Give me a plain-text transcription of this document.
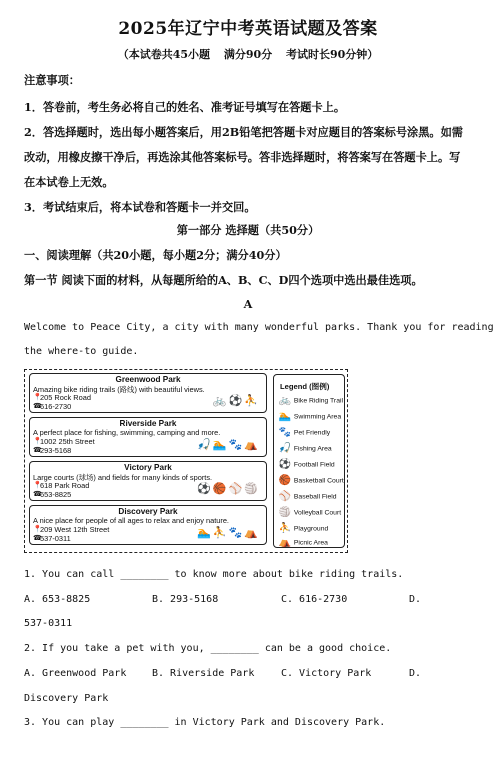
2025年辽宁中考英语试题及答案
（本试卷共45小题 满分90分 考试时长90分钟）
注意事项：
1．答卷前，考生务必将自己的姓名、准考证号填写在答题卡上。
2．答选择题时，选出每小题答案后，用2B铅笔把答题卡对应题目的答案标号涂黑。如需
改动，用橡皮擦干净后，再选涂其他答案标号。答非选择题时，将答案写在答题卡上。写
在本试卷上无效。
3．考试结束后，将本试卷和答题卡一并交回。
第一部分 选择题（共50分）
一、阅读理解（共20小题，每小题2分；满分40分）
第一节 阅读下面的材料，从每题所给的A、B、C、D四个选项中选出最佳选项。
A
Welcome to Peace City, a city with many wonderful parks. Thank you for reading
the where-to guide.
Greenwood Park
Amazing bike riding trails (路线) with beautiful views.
📍
205 Rock Road
☎
616-2730	🚲⚽⛹
Riverside Park
A perfect place for fishing, swimming, camping and more.
📍
1002 25th Street
☎
293-5168	🎣🏊🐾⛺
Victory Park
Large courts (球场) and fields for many kinds of sports.
📍
618 Park Road
☎
653-8825	⚽🏀⚾🏐
Discovery Park
A nice place for people of all ages to relax and enjoy nature.
📍
209 West 12th Street
☎
537-0311	🏊⛹🐾⛺
Legend (图例)
🚲 Bike Riding Trail
🏊 Swimming Area
🐾 Pet Friendly
🎣 Fishing Area
⚽ Football Field
🏀 Basketball Court
⚾ Baseball Field
🏐 Volleyball Court
⛹ Playground
⛺ Picnic Area
1. You can call ________ to know more about bike riding trails.
A. 653-8825	B. 293-5168	C. 616-2730	D.
537-0311
2. If you take a pet with you, ________ can be a good choice.
A. Greenwood Park	B. Riverside Park	C. Victory Park	D.
Discovery Park
3. You can play ________ in Victory Park and Discovery Park.
